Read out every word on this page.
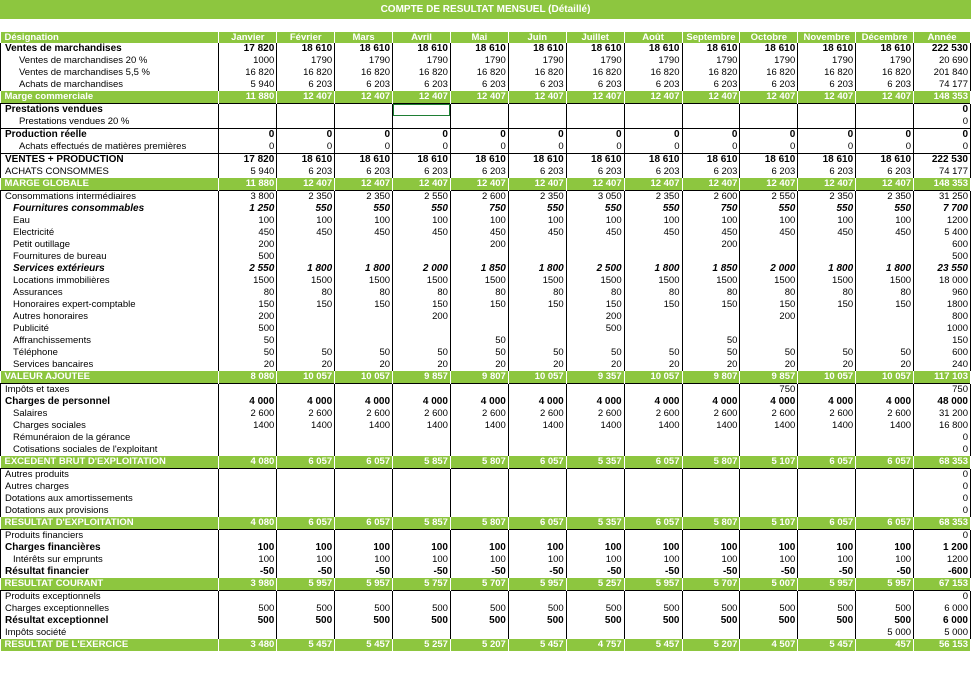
COMPTE DE RESULTAT MENSUEL (Détaillé)
Désignation	Janvier	Février	Mars	Avril	Mai	Juin	Juillet	Août	Septembre	Octobre	Novembre	Décembre	Année
Ventes de marchandises	17 820	18 610	18 610	18 610	18 610	18 610	18 610	18 610	18 610	18 610	18 610	18 610	222 530
Ventes de marchandises 20 %	1000	1790	1790	1790	1790	1790	1790	1790	1790	1790	1790	1790	20 690
Ventes de marchandises 5,5 %	16 820	16 820	16 820	16 820	16 820	16 820	16 820	16 820	16 820	16 820	16 820	16 820	201 840
Achats de marchandises	5 940	6 203	6 203	6 203	6 203	6 203	6 203	6 203	6 203	6 203	6 203	6 203	74 177
Marge commerciale	11 880	12 407	12 407	12 407	12 407	12 407	12 407	12 407	12 407	12 407	12 407	12 407	148 353
Prestations vendues													0
Prestations vendues 20 %													0
Production réelle	0	0	0	0	0	0	0	0	0	0	0	0	0
Achats effectués de matières premières	0	0	0	0	0	0	0	0	0	0	0	0	0
VENTES + PRODUCTION	17 820	18 610	18 610	18 610	18 610	18 610	18 610	18 610	18 610	18 610	18 610	18 610	222 530
ACHATS CONSOMMES	5 940	6 203	6 203	6 203	6 203	6 203	6 203	6 203	6 203	6 203	6 203	6 203	74 177
MARGE GLOBALE	11 880	12 407	12 407	12 407	12 407	12 407	12 407	12 407	12 407	12 407	12 407	12 407	148 353
Consommations intermédiaires	3 800	2 350	2 350	2 550	2 600	2 350	3 050	2 350	2 600	2 550	2 350	2 350	31 250
Fournitures consommables	1 250	550	550	550	750	550	550	550	750	550	550	550	7 700
Eau	100	100	100	100	100	100	100	100	100	100	100	100	1200
Electricité	450	450	450	450	450	450	450	450	450	450	450	450	5 400
Petit outillage	200				200				200				600
Fournitures de bureau	500												500
Services extérieurs	2 550	1 800	1 800	2 000	1 850	1 800	2 500	1 800	1 850	2 000	1 800	1 800	23 550
Locations immobilières	1500	1500	1500	1500	1500	1500	1500	1500	1500	1500	1500	1500	18 000
Assurances	80	80	80	80	80	80	80	80	80	80	80	80	960
Honoraires expert-comptable	150	150	150	150	150	150	150	150	150	150	150	150	1800
Autres honoraires	200			200			200			200			800
Publicité	500						500						1000
Affranchissements	50				50				50				150
Téléphone	50	50	50	50	50	50	50	50	50	50	50	50	600
Services bancaires	20	20	20	20	20	20	20	20	20	20	20	20	240
VALEUR AJOUTEE	8 080	10 057	10 057	9 857	9 807	10 057	9 357	10 057	9 807	9 857	10 057	10 057	117 103
Impôts et taxes										750			750
Charges de personnel	4 000	4 000	4 000	4 000	4 000	4 000	4 000	4 000	4 000	4 000	4 000	4 000	48 000
Salaires	2 600	2 600	2 600	2 600	2 600	2 600	2 600	2 600	2 600	2 600	2 600	2 600	31 200
Charges sociales	1400	1400	1400	1400	1400	1400	1400	1400	1400	1400	1400	1400	16 800
Rémunéraion de la gérance													0
Cotisations sociales de l'exploitant													0
EXCEDENT BRUT D'EXPLOITATION	4 080	6 057	6 057	5 857	5 807	6 057	5 357	6 057	5 807	5 107	6 057	6 057	68 353
Autres produits													0
Autres charges													0
Dotations aux amortissements													0
Dotations aux provisions													0
RESULTAT D'EXPLOITATION	4 080	6 057	6 057	5 857	5 807	6 057	5 357	6 057	5 807	5 107	6 057	6 057	68 353
Produits financiers													0
Charges financières	100	100	100	100	100	100	100	100	100	100	100	100	1 200
Intérêts sur emprunts	100	100	100	100	100	100	100	100	100	100	100	100	1200
Résultat financier	-50	-50	-50	-50	-50	-50	-50	-50	-50	-50	-50	-50	-600
RESULTAT COURANT	3 980	5 957	5 957	5 757	5 707	5 957	5 257	5 957	5 707	5 007	5 957	5 957	67 153
Produits exceptionnels													0
Charges exceptionnelles	500	500	500	500	500	500	500	500	500	500	500	500	6 000
Résultat exceptionnel	500	500	500	500	500	500	500	500	500	500	500	500	6 000
Impôts société												5 000	5 000
RESULTAT DE L'EXERCICE	3 480	5 457	5 457	5 257	5 207	5 457	4 757	5 457	5 207	4 507	5 457	457	56 153
